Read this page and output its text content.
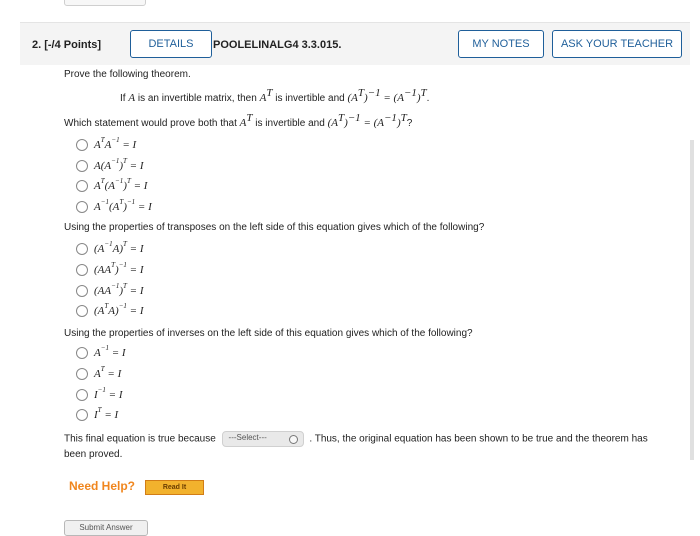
2. [-/4 Points]	DETAILS	POOLELINALG4 3.3.015.	MY NOTES	ASK YOUR TEACHER
Prove the following theorem.
If A is an invertible matrix, then $A^T$ is invertible and $(A^T)^{-1} = (A^{-1})^T$.
Which statement would prove both that $A^T$ is invertible and $(A^T)^{-1} = (A^{-1})^T$?
$A^TA^{-1} = I$
$A(A^{-1})^T = I$
$A^T(A^{-1})^T = I$
$A^{-1}(A^T)^{-1} = I$
Using the properties of transposes on the left side of this equation gives which of the following?
$(A^{-1}A)^T = I$
$(AA^T)^{-1} = I$
$(AA^{-1})^T = I$
$(A^TA)^{-1} = I$
Using the properties of inverses on the left side of this equation gives which of the following?
$A^{-1} = I$
$A^T = I$
$I^{-1} = I$
$I^T = I$
This final equation is true because ---Select---	. Thus, the original equation has been shown to be true and the theorem has
been proved.
Need Help?	Read It
Submit Answer
